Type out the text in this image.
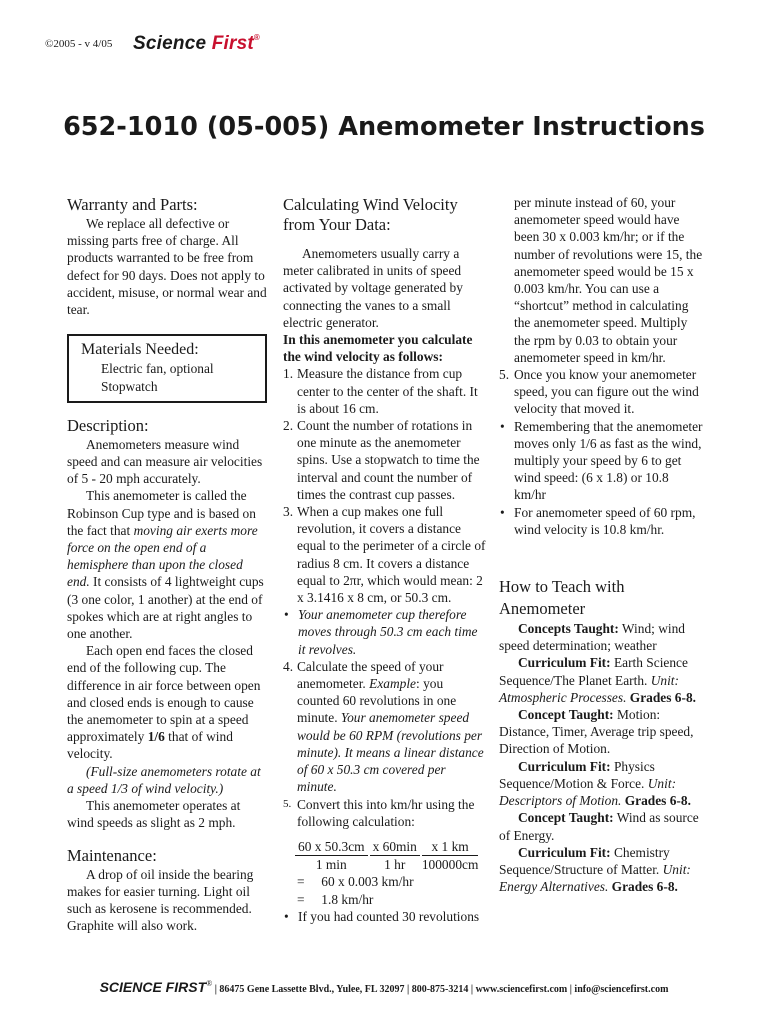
©2005 - v 4/05 Science First®
652-1010 (05-005) Anemometer Instructions
Warranty and Parts:

We replace all defective or missing parts free of charge. All products warranted to be free from defect for 90 days. Does not apply to accident, misuse, or normal wear and tear.

Materials Needed:
Electric fan, optional
Stopwatch
Description:

Anemometers measure wind speed and can measure air velocities of 5 - 20 mph accurately.

This anemometer is called the Robinson Cup type and is based on the fact that moving air exerts more force on the open end of a hemisphere than upon the closed end. It consists of 4 lightweight cups (3 one color, 1 another) at the end of spokes which are at right angles to one another.

Each open end faces the closed end of the following cup. The difference in air force between open and closed ends is enough to cause the anemometer to spin at a speed approximately 1/6 that of wind velocity.

(Full-size anemometers rotate at a speed 1/3 of wind velocity.)

This anemometer operates at wind speeds as slight as 2 mph.

Maintenance:

A drop of oil inside the bearing makes for easier turning. Light oil such as kerosene is recommended. Graphite will also work.

Calculating Wind Velocity from Your Data:

Anemometers usually carry a meter calibrated in units of speed activated by voltage generated by connecting the vanes to a small electric generator.

In this anemometer you calculate the wind velocity as follows:

1. Measure the distance from cup center to the center of the shaft. It is about 16 cm.
2. Count the number of rotations in one minute as the anemometer spins. Use a stopwatch to time the interval and count the number of times the contrast cup passes.
3. When a cup makes one full revolution, it covers a distance equal to the perimeter of a circle of radius 8 cm. It covers a distance equal to 2πr, which would mean: 2 x 3.1416 x 8 cm, or 50.3 cm.
• Your anemometer cup therefore moves through 50.3 cm each time it revolves.
4. Calculate the speed of your anemometer. Example: you counted 60 revolutions in one minute. Your anemometer speed would be 60 RPM (revolutions per minute). It means a linear distance of 60 x 50.3 cm covered per minute.
5. Convert this into km/hr using the following calculation:
$\frac{60 x 50.3cm}{1 \min} \frac{x 60\min}{1 hr} \frac{x 1 km}{100000cm}$
=     60 x 0.003 km/hr
=     1.8 km/hr
• If you had counted 30 revolutions

per minute instead of 60, your anemometer speed would have been 30 x 0.003 km/hr; or if the number of revolutions were 15, the anemometer speed would be 15 x 0.003 km/hr. You can use a “shortcut” method in calculating the anemometer speed. Multiply the rpm by 0.03 to obtain your anemometer speed in km/hr.

5. Once you know your anemometer speed, you can figure out the wind velocity that moved it.
• Remembering that the anemometer moves only 1/6 as fast as the wind, multiply your speed by 6 to get wind speed: (6 x 1.8) or 10.8 km/hr
• For anemometer speed of 60 rpm, wind velocity is 10.8 km/hr.
How to Teach with Anemometer

Concepts Taught: Wind; wind speed determination; weather

Curriculum Fit: Earth Science Sequence/The Planet Earth. Unit: Atmospheric Processes. Grades 6-8.

Concept Taught: Motion: Distance, Timer, Average trip speed, Direction of Motion.

Curriculum Fit: Physics Sequence/Motion & Force. Unit: Descriptors of Motion. Grades 6-8.

Concept Taught: Wind as source of Energy.

Curriculum Fit: Chemistry Sequence/Structure of Matter. Unit: Energy Alternatives. Grades 6-8.

SCIENCE FIRST® | 86475 Gene Lassette Blvd., Yulee, FL 32097 | 800-875-3214 | www.sciencefirst.com | info@sciencefirst.com
